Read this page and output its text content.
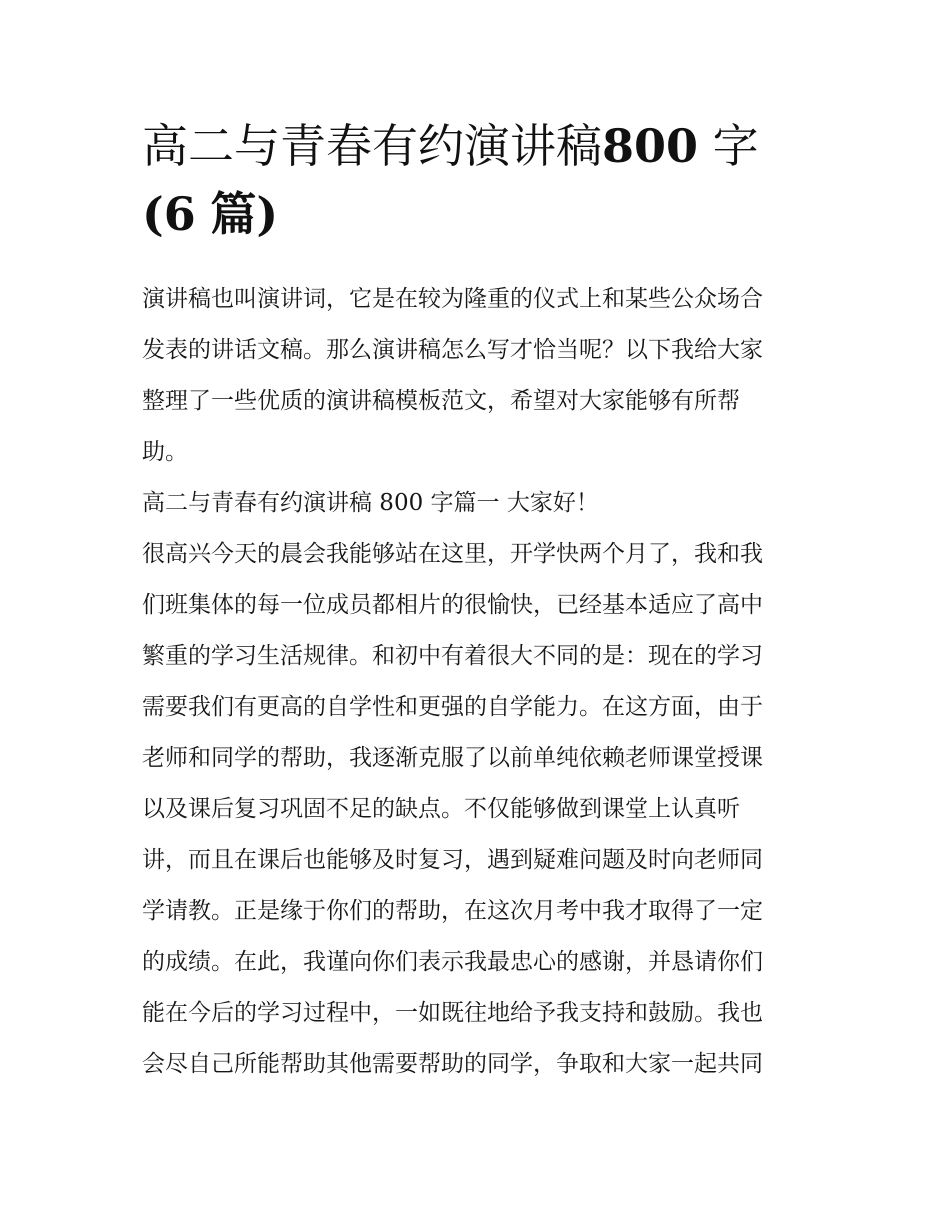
高二与青春有约演讲稿800 字
(6 篇)

演讲稿也叫演讲词，它是在较为隆重的仪式上和某些公众场合

发表的讲话文稿。那么演讲稿怎么写才恰当呢？以下我给大家

整理了一些优质的演讲稿模板范文，希望对大家能够有所帮

助。

高二与青春有约演讲稿 800 字篇一 大家好！

很高兴今天的晨会我能够站在这里，开学快两个月了，我和我

们班集体的每一位成员都相片的很愉快，已经基本适应了高中

繁重的学习生活规律。和初中有着很大不同的是：现在的学习

需要我们有更高的自学性和更强的自学能力。在这方面，由于

老师和同学的帮助，我逐渐克服了以前单纯依赖老师课堂授课

以及课后复习巩固不足的缺点。不仅能够做到课堂上认真听

讲，而且在课后也能够及时复习，遇到疑难问题及时向老师同

学请教。正是缘于你们的帮助，在这次月考中我才取得了一定

的成绩。在此，我谨向你们表示我最忠心的感谢，并恳请你们

能在今后的学习过程中，一如既往地给予我支持和鼓励。我也

会尽自己所能帮助其他需要帮助的同学，争取和大家一起共同
